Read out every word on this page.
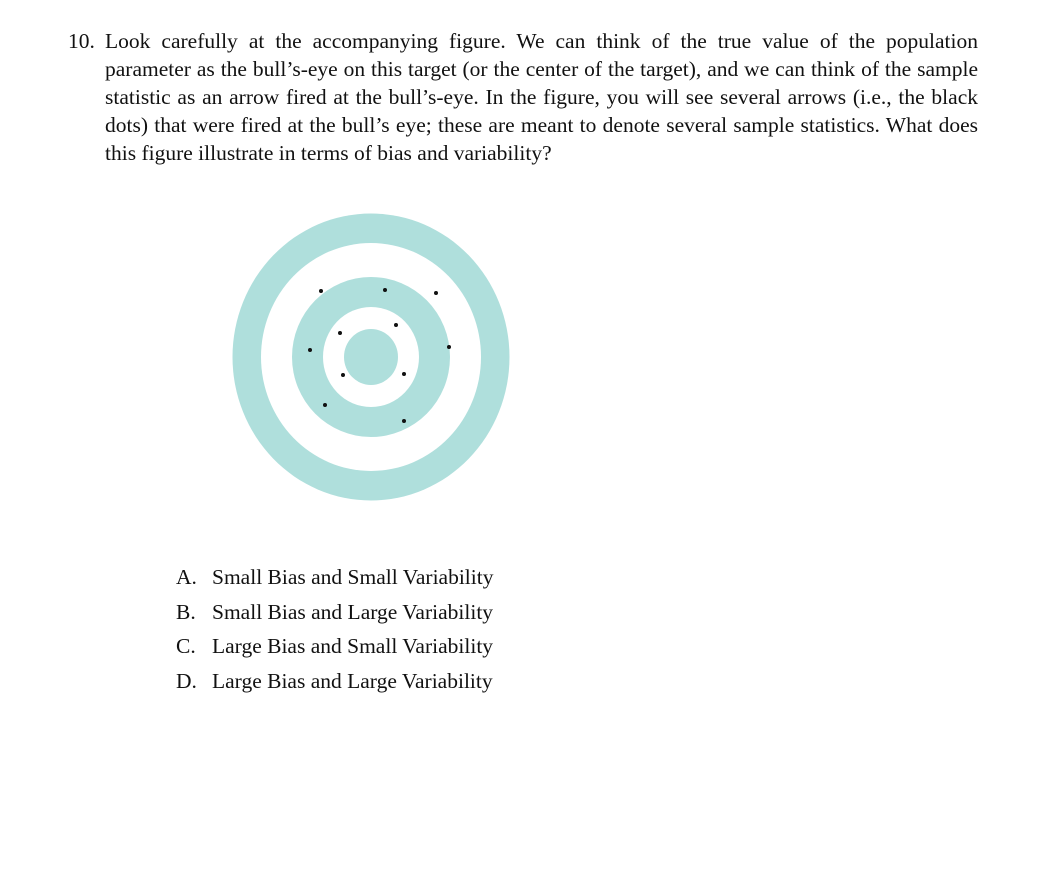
10. Look carefully at the accompanying figure. We can think of the true value of the population parameter as the bull’s-eye on this target (or the center of the target), and we can think of the sample statistic as an arrow fired at the bull’s-eye. In the figure, you will see several arrows (i.e., the black dots) that were fired at the bull’s eye; these are meant to denote several sample statistics. What does this figure illustrate in terms of bias and variability?
A. Small Bias and Small Variability
B. Small Bias and Large Variability
C. Large Bias and Small Variability
D. Large Bias and Large Variability
